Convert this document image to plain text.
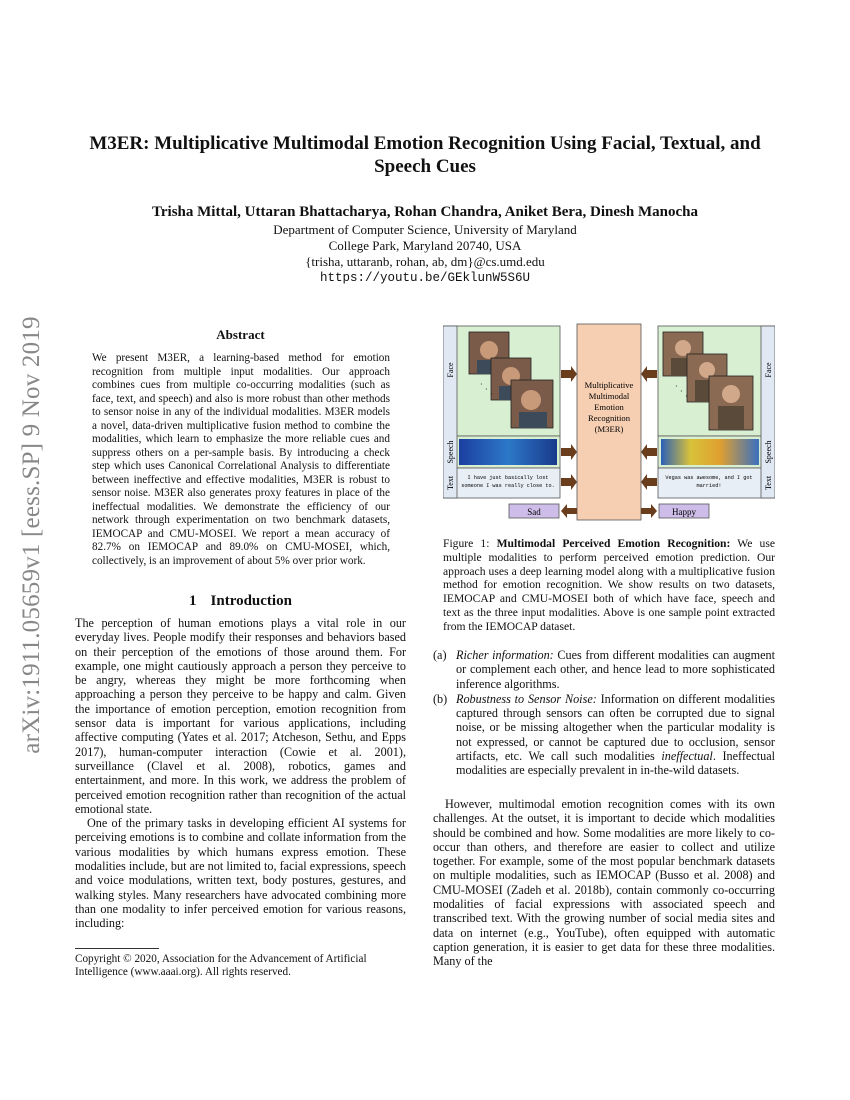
arXiv:1911.05659v1 [eess.SP] 9 Nov 2019
M3ER: Multiplicative Multimodal Emotion Recognition Using Facial, Textual, and Speech Cues
Trisha Mittal, Uttaran Bhattacharya, Rohan Chandra, Aniket Bera, Dinesh Manocha
Department of Computer Science, University of Maryland
College Park, Maryland 20740, USA
{trisha, uttaranb, rohan, ab, dm}@cs.umd.edu
https://youtu.be/GEklunW5S6U
Abstract
We present M3ER, a learning-based method for emotion recognition from multiple input modalities. Our approach combines cues from multiple co-occurring modalities (such as face, text, and speech) and also is more robust than other methods to sensor noise in any of the individual modalities. M3ER models a novel, data-driven multiplicative fusion method to combine the modalities, which learn to emphasize the more reliable cues and suppress others on a per-sample basis. By introducing a check step which uses Canonical Correlational Analysis to differentiate between ineffective and effective modalities, M3ER is robust to sensor noise. M3ER also generates proxy features in place of the ineffectual modalities. We demonstrate the efficiency of our network through experimentation on two benchmark datasets, IEMOCAP and CMU-MOSEI. We report a mean accuracy of 82.7% on IEMOCAP and 89.0% on CMU-MOSEI, which, collectively, is an improvement of about 5% over prior work.
1 Introduction

The perception of human emotions plays a vital role in our everyday lives. People modify their responses and behaviors based on their perception of the emotions of those around them. For example, one might cautiously approach a person they perceive to be angry, whereas they might be more forthcoming when approaching a person they perceive to be happy and calm. Given the importance of emotion perception, emotion recognition from sensor data is important for various applications, including affective computing (Yates et al. 2017; Atcheson, Sethu, and Epps 2017), human-computer interaction (Cowie et al. 2001), surveillance (Clavel et al. 2008), robotics, games and entertainment, and more. In this work, we address the problem of perceived emotion recognition rather than recognition of the actual emotional state.

One of the primary tasks in developing efficient AI systems for perceiving emotions is to combine and collate information from the various modalities by which humans express emotion. These modalities include, but are not limited to, facial expressions, speech and voice modulations, written text, body postures, gestures, and walking styles. Many researchers have advocated combining more than one modality to infer perceived emotion for various reasons, including:

Copyright © 2020, Association for the Advancement of Artificial Intelligence (www.aaai.org). All rights reserved.
Face
Speech
Text
·
·
·
I have just basically lost
someone I was really close to.
Multiplicative
Multimodal
Emotion
Recognition
(M3ER)
Face
Speech
Text
·
·
·
Vegas was awesome, and I got
married!
Sad	Happy
Figure 1: Multimodal Perceived Emotion Recognition: We use multiple modalities to perform perceived emotion prediction. Our approach uses a deep learning model along with a multiplicative fusion method for emotion recognition. We show results on two datasets, IEMOCAP and CMU-MOSEI both of which have face, speech and text as the three input modalities. Above is one sample point extracted from the IEMOCAP dataset.
(a) Richer information: Cues from different modalities can augment or complement each other, and hence lead to more sophisticated inference algorithms.
(b) Robustness to Sensor Noise: Information on different modalities captured through sensors can often be corrupted due to signal noise, or be missing altogether when the particular modality is not expressed, or cannot be captured due to occlusion, sensor artifacts, etc. We call such modalities ineffectual. Ineffectual modalities are especially prevalent in in-the-wild datasets.
However, multimodal emotion recognition comes with its own challenges. At the outset, it is important to decide which modalities should be combined and how. Some modalities are more likely to co-occur than others, and therefore are easier to collect and utilize together. For example, some of the most popular benchmark datasets on multiple modalities, such as IEMOCAP (Busso et al. 2008) and CMU-MOSEI (Zadeh et al. 2018b), contain commonly co-occurring modalities of facial expressions with associated speech and transcribed text. With the growing number of social media sites and data on internet (e.g., YouTube), often equipped with automatic caption generation, it is easier to get data for these three modalities. Many of the
